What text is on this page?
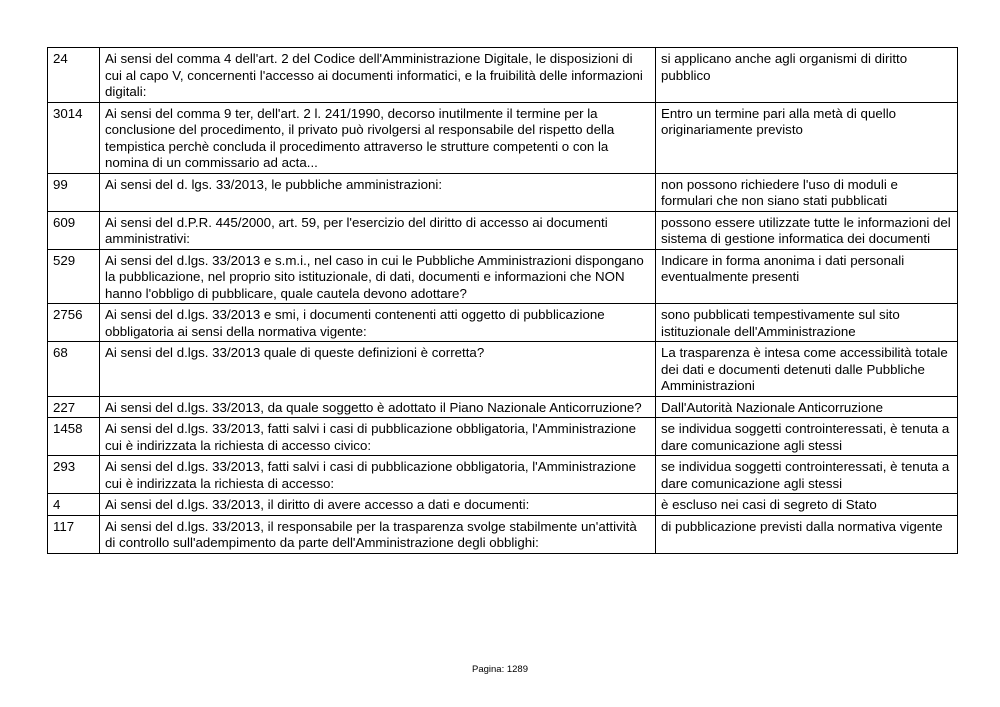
24	Ai sensi del comma 4 dell'art. 2 del Codice dell'Amministrazione Digitale, le disposizioni di cui al capo V, concernenti l'accesso ai documenti informatici, e la fruibilità delle informazioni digitali:	si applicano anche agli organismi di diritto pubblico
3014	Ai sensi del comma 9 ter, dell'art. 2 l. 241/1990, decorso inutilmente il termine per la conclusione del procedimento, il privato può rivolgersi al responsabile del rispetto della tempistica perchè concluda il procedimento attraverso le strutture competenti o con la nomina di un commissario ad acta...	Entro un termine pari alla metà di quello originariamente previsto
99	Ai sensi del d. lgs. 33/2013, le pubbliche amministrazioni:	non possono richiedere l'uso di moduli e formulari che non siano stati pubblicati
609	Ai sensi del d.P.R. 445/2000, art. 59, per l'esercizio del diritto di accesso ai documenti amministrativi:	possono essere utilizzate tutte le informazioni del sistema di gestione informatica dei documenti
529	Ai sensi del d.lgs. 33/2013 e s.m.i., nel caso in cui le Pubbliche Amministrazioni dispongano la pubblicazione, nel proprio sito istituzionale, di dati, documenti e informazioni che NON hanno l'obbligo di pubblicare, quale cautela devono adottare?	Indicare in forma anonima i dati personali eventualmente presenti
2756	Ai sensi del d.lgs. 33/2013 e smi, i documenti contenenti atti oggetto di pubblicazione obbligatoria ai sensi della normativa vigente:	sono pubblicati tempestivamente sul sito istituzionale dell'Amministrazione
68	Ai sensi del d.lgs. 33/2013 quale di queste definizioni è corretta?	La trasparenza è intesa come accessibilità totale dei dati e documenti detenuti dalle Pubbliche Amministrazioni
227	Ai sensi del d.lgs. 33/2013, da quale soggetto è adottato il Piano Nazionale Anticorruzione?	Dall'Autorità Nazionale Anticorruzione
1458	Ai sensi del d.lgs. 33/2013, fatti salvi i casi di pubblicazione obbligatoria, l'Amministrazione cui è indirizzata la richiesta di accesso civico:	se individua soggetti controinteressati, è tenuta a dare comunicazione agli stessi
293	Ai sensi del d.lgs. 33/2013, fatti salvi i casi di pubblicazione obbligatoria, l'Amministrazione cui è indirizzata la richiesta di accesso:	se individua soggetti controinteressati, è tenuta a dare comunicazione agli stessi
4	Ai sensi del d.lgs. 33/2013, il diritto di avere accesso a dati e documenti:	è escluso nei casi di segreto di Stato
117	Ai sensi del d.lgs. 33/2013, il responsabile per la trasparenza svolge stabilmente un'attività di controllo sull'adempimento da parte dell'Amministrazione degli obblighi:	di pubblicazione previsti dalla normativa vigente
Pagina: 1289
